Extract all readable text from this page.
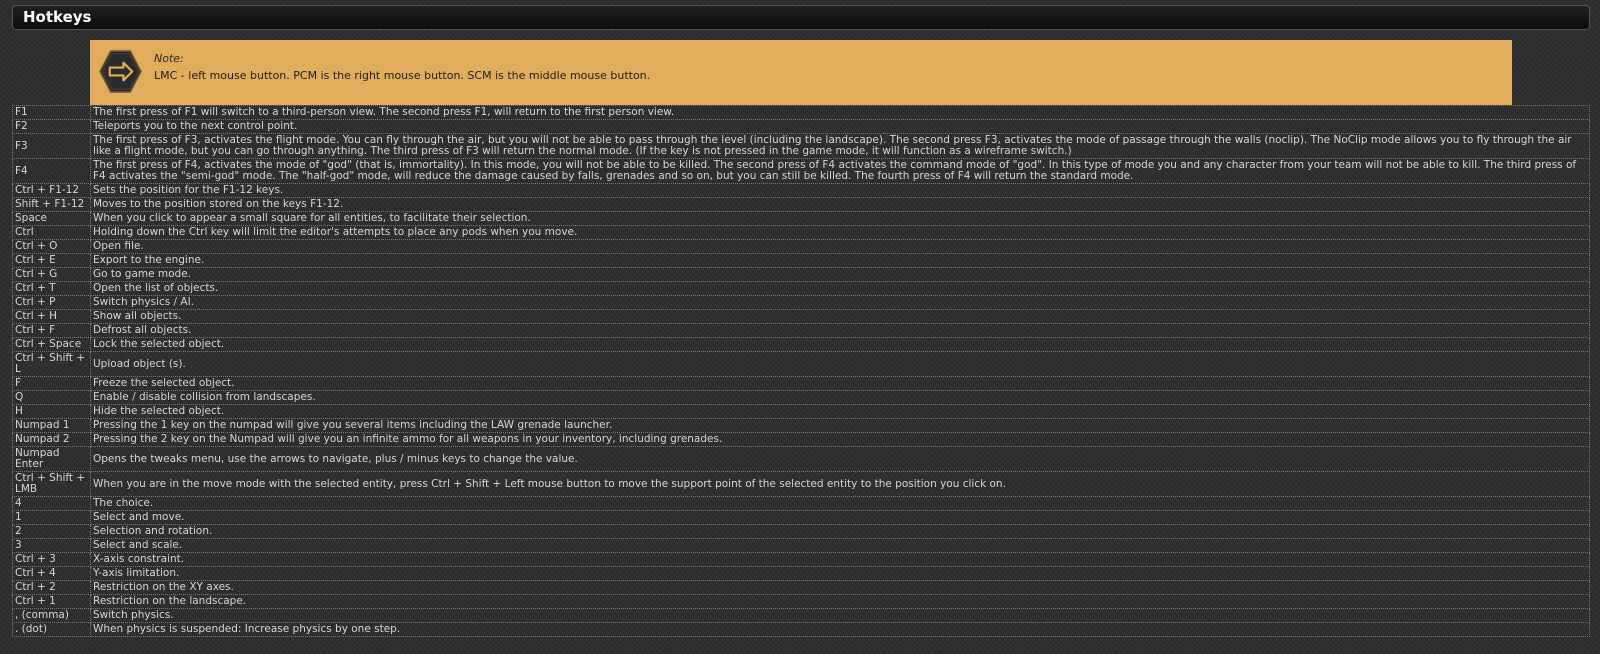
Hotkeys
Note:
LMC - left mouse button. PCM is the right mouse button. SCM is the middle mouse button.
F1	The first press of F1 will switch to a third-person view. The second press F1, will return to the first person view.
F2	Teleports you to the next control point.
F3	The first press of F3, activates the flight mode. You can fly through the air, but you will not be able to pass through the level (including the landscape). The second press F3, activates the mode of passage through the walls (noclip). The NoClip mode allows you to fly through the air like a flight mode, but you can go through anything. The third press of F3 will return the normal mode. (If the key is not pressed in the game mode, it will function as a wireframe switch.)
F4	The first press of F4, activates the mode of "god" (that is, immortality). In this mode, you will not be able to be killed. The second press of F4 activates the command mode of "god". In this type of mode you and any character from your team will not be able to kill. The third press of F4 activates the "semi-god" mode. The "half-god" mode, will reduce the damage caused by falls, grenades and so on, but you can still be killed. The fourth press of F4 will return the standard mode.
Ctrl + F1-12	Sets the position for the F1-12 keys.
Shift + F1-12	Moves to the position stored on the keys F1-12.
Space	When you click to appear a small square for all entities, to facilitate their selection.
Ctrl	Holding down the Ctrl key will limit the editor's attempts to place any pods when you move.
Ctrl + O	Open file.
Ctrl + E	Export to the engine.
Ctrl + G	Go to game mode.
Ctrl + T	Open the list of objects.
Ctrl + P	Switch physics / AI.
Ctrl + H	Show all objects.
Ctrl + F	Defrost all objects.
Ctrl + Space	Lock the selected object.
Ctrl + Shift + L	Upload object (s).
F	Freeze the selected object.
Q	Enable / disable collision from landscapes.
H	Hide the selected object.
Numpad 1	Pressing the 1 key on the numpad will give you several items including the LAW grenade launcher.
Numpad 2	Pressing the 2 key on the Numpad will give you an infinite ammo for all weapons in your inventory, including grenades.
Numpad Enter	Opens the tweaks menu, use the arrows to navigate, plus / minus keys to change the value.
Ctrl + Shift + LMB	When you are in the move mode with the selected entity, press Ctrl + Shift + Left mouse button to move the support point of the selected entity to the position you click on.
4	The choice.
1	Select and move.
2	Selection and rotation.
3	Select and scale.
Ctrl + 3	X-axis constraint.
Ctrl + 4	Y-axis limitation.
Ctrl + 2	Restriction on the XY axes.
Ctrl + 1	Restriction on the landscape.
, (comma)	Switch physics.
. (dot)	When physics is suspended: Increase physics by one step.
